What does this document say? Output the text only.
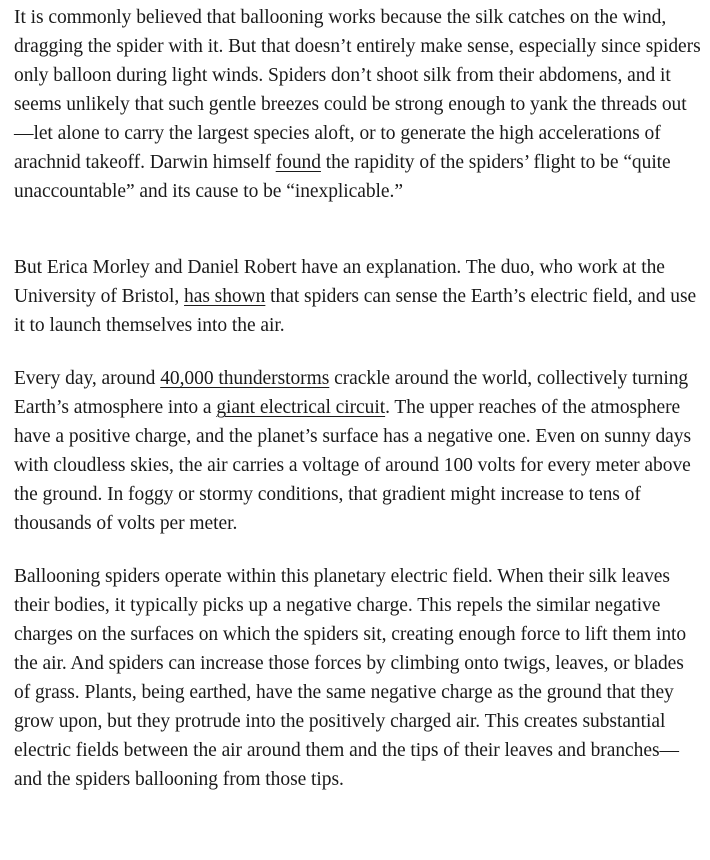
It is commonly believed that ballooning works because the silk catches on the wind, dragging the spider with it. But that doesn’t entirely make sense, especially since spiders only balloon during light winds. Spiders don’t shoot silk from their abdomens, and it seems unlikely that such gentle breezes could be strong enough to yank the threads out—let alone to carry the largest species aloft, or to generate the high accelerations of arachnid takeoff. Darwin himself found the rapidity of the spiders’ flight to be “quite unaccountable” and its cause to be “inexplicable.”

But Erica Morley and Daniel Robert have an explanation. The duo, who work at the University of Bristol, has shown that spiders can sense the Earth’s electric field, and use it to launch themselves into the air.

Every day, around 40,000 thunderstorms crackle around the world, collectively turning Earth’s atmosphere into a giant electrical circuit. The upper reaches of the atmosphere have a positive charge, and the planet’s surface has a negative one. Even on sunny days with cloudless skies, the air carries a voltage of around 100 volts for every meter above the ground. In foggy or stormy conditions, that gradient might increase to tens of thousands of volts per meter.

Ballooning spiders operate within this planetary electric field. When their silk leaves their bodies, it typically picks up a negative charge. This repels the similar negative charges on the surfaces on which the spiders sit, creating enough force to lift them into the air. And spiders can increase those forces by climbing onto twigs, leaves, or blades of grass. Plants, being earthed, have the same negative charge as the ground that they grow upon, but they protrude into the positively charged air. This creates substantial electric fields between the air around them and the tips of their leaves and branches—and the spiders ballooning from those tips.
